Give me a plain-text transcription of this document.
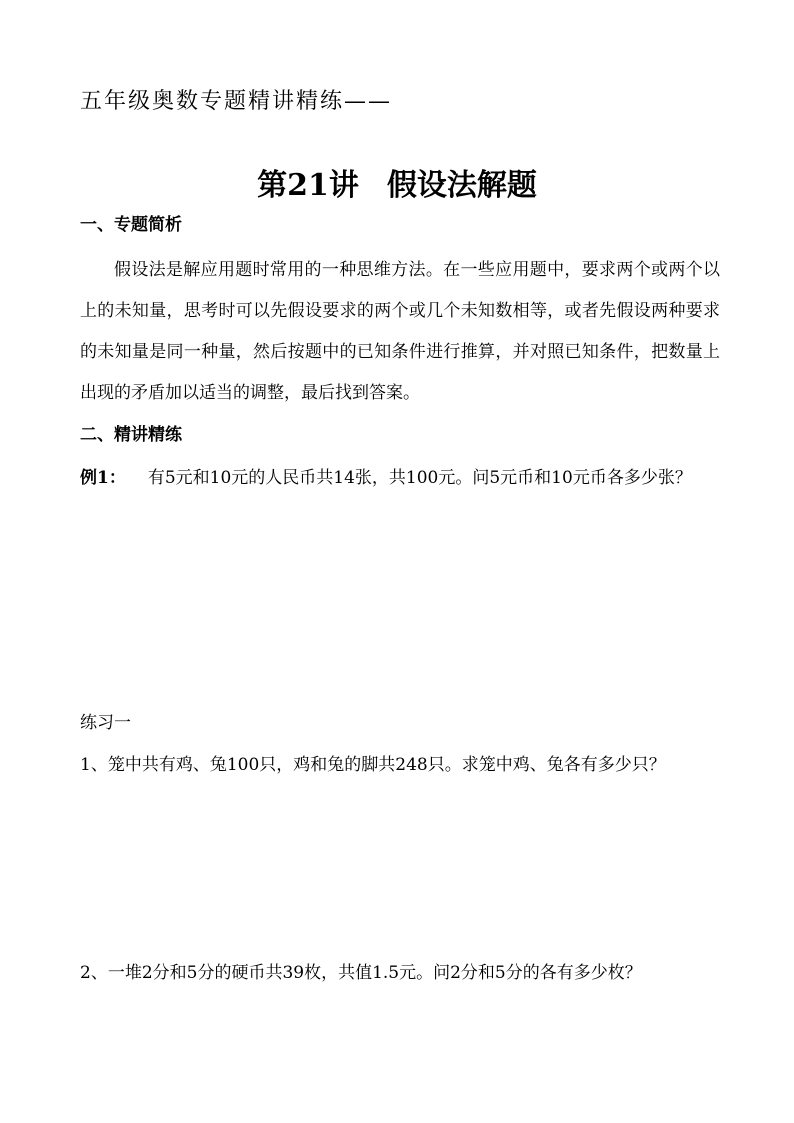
五年级奥数专题精讲精练——
第21讲 假设法解题
一、专题简析
假设法是解应用题时常用的一种思维方法。在一些应用题中，要求两个或两个以上的未知量，思考时可以先假设要求的两个或几个未知数相等，或者先假设两种要求的未知量是同一种量，然后按题中的已知条件进行推算，并对照已知条件，把数量上出现的矛盾加以适当的调整，最后找到答案。
二、精讲精练
例1： 有5元和10元的人民币共14张，共100元。问5元币和10元币各多少张？
练习一
1、笼中共有鸡、兔100只，鸡和兔的脚共248只。求笼中鸡、兔各有多少只？
2、一堆2分和5分的硬币共39枚，共值1.5元。问2分和5分的各有多少枚？
